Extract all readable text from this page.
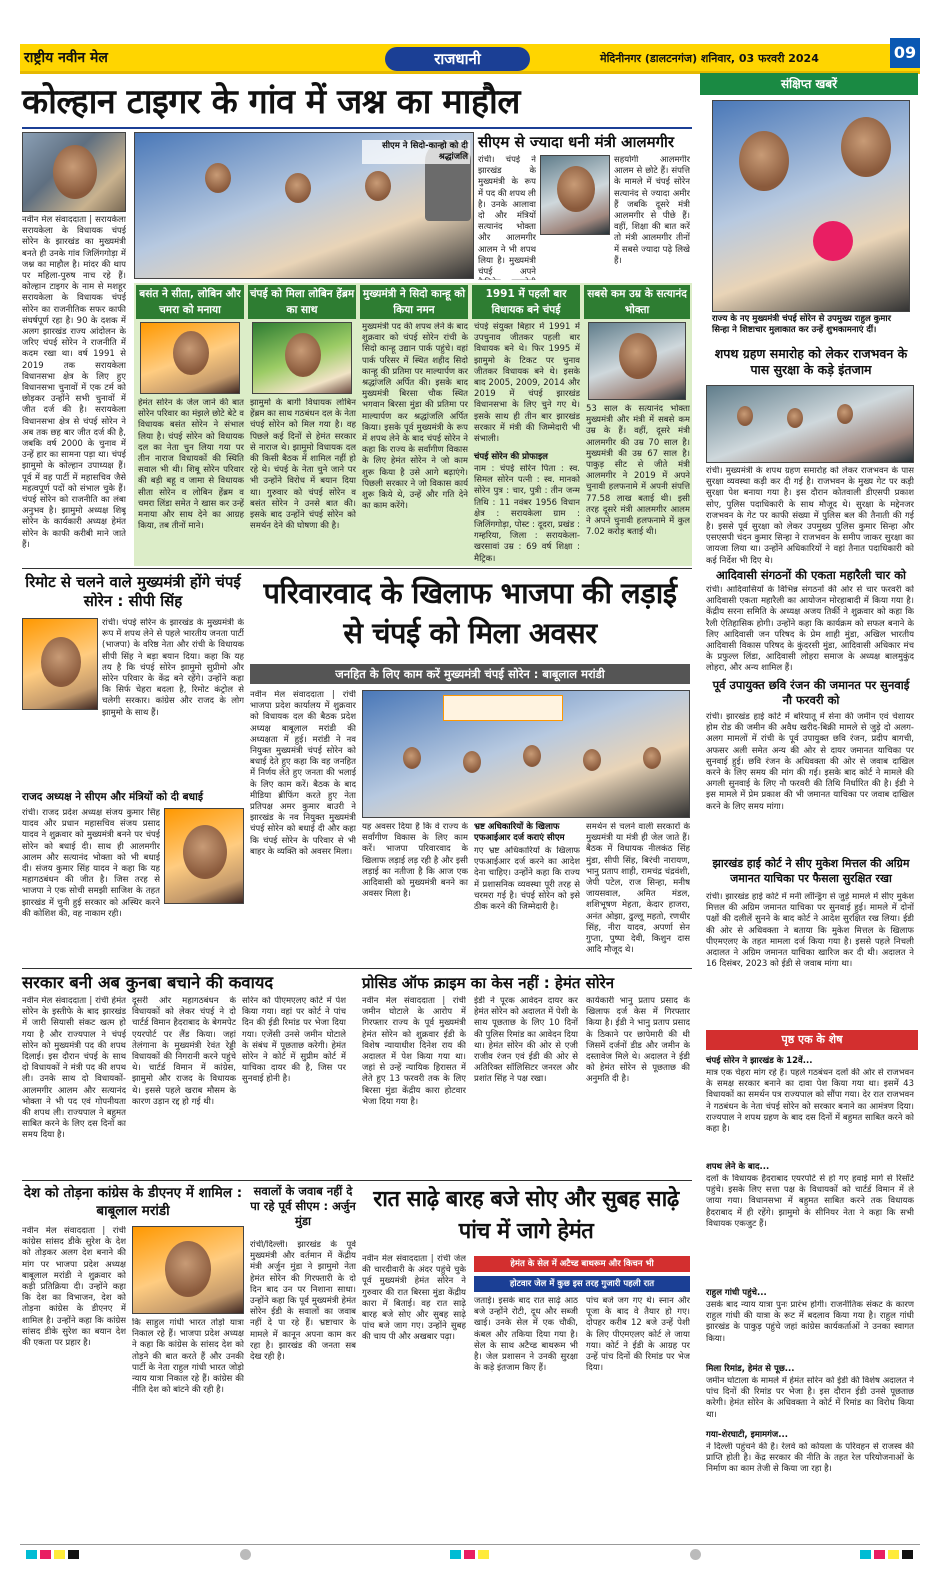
राष्ट्रीय नवीन मेल	राजधानी	मेदिनीनगर (डालटनगंज) शनिवार, 03 फरवरी 2024	09
कोल्हान टाइगर के गांव में जश्न का माहौल
नवीन मेल संवाददाता | सरायकेला सरायकेला के विधायक चंपई सोरेन के झारखंड का मुख्यमंत्री बनते ही उनके गांव जिलिंगगोड़ा में जश्न का माहौल है। मांदर की थाप पर महिला-पुरुष नाच रहे हैं। कोल्हान टाइगर के नाम से मशहूर सरायकेला के विधायक चंपई सोरेन का राजनीतिक सफर काफी संघर्षपूर्ण रहा है। 90 के दशक में अलग झारखंड राज्य आंदोलन के जरिए चंपई सोरेन ने राजनीति में कदम रखा था। वर्ष 1991 से 2019 तक सरायकेला विधानसभा क्षेत्र के लिए हुए विधानसभा चुनावों में एक टर्म को छोड़कर उन्होंने सभी चुनावों में जीत दर्ज की है। सरायकेला विधानसभा क्षेत्र से चंपई सोरेन ने अब तक छह बार जीत दर्ज की है, जबकि वर्ष 2000 के चुनाव में उन्हें हार का सामना पड़ा था। चंपई झामुमो के कोल्हान उपाध्यक्ष हैं। पूर्व में वह पार्टी में महासचिव जैसे महत्वपूर्ण पदों को संभाल चुके हैं। चंपई सोरेन को राजनीति का लंबा अनुभव है। झामुमो अध्यक्ष शिबू सोरेन के कार्यकारी अध्यक्ष हेमंत सोरेन के काफी करीबी माने जाते हैं।
सीएम ने सिदो-कान्हो को दी श्रद्धांजलि
सीएम से ज्यादा धनी मंत्री आलमगीर
रांची। चंपई ने झारखंड के मुख्यमंत्री के रूप में पद की शपथ ली है। उनके आलावा दो और मंत्रियों सत्यानंद भोक्ता और आलमगीर आलम ने भी शपथ लिया है। मुख्यमंत्री चंपई अपने
सहयोगी आलमगीर आलम से छोटे हैं। संपत्ति के मामले में चंपई सोरेन सत्यानंद से ज्यादा अमीर हैं जबकि दूसरे मंत्री आलमगीर से पीछे हैं। वहीं, शिक्षा की बात करें तो मंत्री आलमगीर तीनों में सबसे ज्यादा पढ़े लिखे हैं।
बसंत ने सीता, लोबिन और चमरा को मनाया
हेमंत सोरेन के जेल जाने की बात सोरेन परिवार का मंझले छोटे बेटे व विधायक बसंत सोरेन ने संभाल लिया है। चंपई सोरेन को विधायक दल का नेता चुन लिया गया पर तीन नाराज विधायकों की स्थिति सवाल भी थी। शिबू सोरेन परिवार की बड़ी बहू व जामा से विधायक सीता सोरेन व लोबिन हेंब्रम व चमरा लिंडा समेत ने खास कर उन्हें मनाया और साथ देने का आग्रह किया, तब तीनों माने।
चंपई को मिला लोबिन हेंब्रम का साथ
झामुमो के बागी विधायक लोबिन हेंब्रम का साथ गठबंधन दल के नेता चंपई सोरेन को मिल गया है। वह पिछले कई दिनों से हेमंत सरकार से नाराज थे। झामुमो विधायक दल की किसी बैठक में शामिल नहीं हो रहे थे। चंपई के नेता चुने जाने पर भी उन्होंने विरोध में बयान दिया था। गुरुवार को चंपई सोरेन व बसंत सोरेन ने उनसे बात की। इसके बाद उन्होंने चंपई सोरेन को समर्थन देने की घोषणा की है।
मुख्यमंत्री ने सिदो कान्हू को किया नमन
मुख्यमंत्री पद की शपथ लेने के बाद शुक्रवार को चंपई सोरेन रांची के सिदो कान्हू उद्यान पार्क पहुंचे। वहां पार्क परिसर में स्थित शहीद सिदो कान्हू की प्रतिमा पर माल्यार्पण कर श्रद्धांजलि अर्पित की। इसके बाद मुख्यमंत्री बिरसा चौक स्थित भगवान बिरसा मुंडा की प्रतिमा पर माल्यार्पण कर श्रद्धांजलि अर्पित किया। इसके पूर्व मुख्यमंत्री के रूप में शपथ लेने के बाद चंपई सोरेन ने कहा कि राज्य के सर्वांगीण विकास के लिए हेमंत सोरेन ने जो काम शुरू किया है उसे आगे बढ़ाएंगे। पिछली सरकार ने जो विकास कार्य शुरू किये थे, उन्हें और गति देने का काम करेंगे।
1991 में पहली बार विधायक बने चंपई
चंपई संयुक्त बिहार में 1991 में उपचुनाव जीतकर पहली बार विधायक बने थे। फिर 1995 में झामुमो के टिकट पर चुनाव जीतकर विधायक बने थे। इसके बाद 2005, 2009, 2014 और 2019 में चंपई झारखंड विधानसभा के लिए चुने गए थे। इसके साथ ही तीन बार झारखंड सरकार में मंत्री की जिम्मेदारी भी संभाली।
चंपई सोरेन की प्रोफाइल
नाम : चंपई सोरेन पिता : स्व. सिमल सोरेन पत्नी : स्व. मानको सोरेन पुत्र : चार, पुत्री : तीन जन्म तिथि : 11 नवंबर 1956 विधान क्षेत्र : सरायकेला ग्राम : जिलिंगगोड़ा, पोस्ट : दूदरा, प्रखंड : गम्हरिया, जिला : सरायकेला-खरसावां उम्र : 69 वर्ष शिक्षा : मैट्रिक।
सबसे कम उम्र के सत्यानंद भोक्ता
53 साल के सत्यानंद भोक्ता मुख्यमंत्री और मंत्री में सबसे कम उम्र के हैं। वहीं, दूसरे मंत्री आलमगीर की उम्र 70 साल है। मुख्यमंत्री की उम्र 67 साल है। पाकुड़ सीट से जीते मंत्री आलमगीर ने 2019 में अपने चुनावी हलफनामे में अपनी संपत्ति 77.58 लाख बताई थी। इसी तरह दूसरे मंत्री आलमगीर आलम ने अपने चुनावी हलफनामे में कुल 7.02 करोड़ बताई थी।
संक्षिप्त खबरें
राज्य के नए मुख्यमंत्री चंपई सोरेन से उपमुख्य राहुल कुमार सिन्हा ने शिष्टाचार मुलाकात कर उन्हें शुभकामनाएं दीं।
शपथ ग्रहण समारोह को लेकर राजभवन के पास सुरक्षा के कड़े इंतजाम
रांची। मुख्यमंत्री के शपथ ग्रहण समारोह को लेकर राजभवन के पास सुरक्षा व्यवस्था कड़ी कर दी गई है। राजभवन के मुख्य गेट पर कड़ी सुरक्षा पेश बनाया गया है। इस दौरान कोतवाली डीएसपी प्रकाश सोए, पुलिस पदाधिकारी के साथ मौजूद थे। सुरक्षा के मद्देनजर राजभवन के गेट पर काफी संख्या में पुलिस बल की तैनाती की गई है। इससे पूर्व सुरक्षा को लेकर उपमुख्य पुलिस कुमार सिन्हा और एसएसपी चंदन कुमार सिन्हा ने राजभवन के समीप जाकर सुरक्षा का जायजा लिया था। उन्होंने अधिकारियों ने वहां तैनात पदाधिकारी को कई निर्देश भी दिए थे।
आदिवासी संगठनों की एकता महारैली चार को
रांची। आदिवासियों के विभिन्न संगठनों की ओर से चार फरवरी को आदिवासी एकता महारैली का आयोजन मोरहाबादी में किया गया है। केंद्रीय सरना समिति के अध्यक्ष अजय तिर्की ने शुक्रवार को कहा कि रैली ऐतिहासिक होगी। उन्होंने कहा कि कार्यक्रम को सफल बनाने के लिए आदिवासी जन परिषद के प्रेम शाही मुंडा, अखिल भारतीय आदिवासी विकास परिषद के कुंदरसी मुंडा, आदिवासी अधिकार मंच के प्रफुल्ल लिंडा, आदिवासी लोहरा समाज के अध्यक्ष बालमुकुंद लोहरा, और अन्य शामिल हैं।
पूर्व उपायुक्त छवि रंजन की जमानत पर सुनवाई नौ फरवरी को
रांची। झारखंड हाई कोर्ट में बरियातू में सेना की जमीन एवं चेशायर होम रोड की जमीन की अवैध खरीद-बिक्री मामले से जुड़े दो अलग-अलग मामलों में रांची के पूर्व उपायुक्त छवि रंजन, प्रदीप बागची, अफसर अली समेत अन्य की ओर से दायर जमानत याचिका पर सुनवाई हुई। छवि रंजन के अधिवक्ता की ओर से जवाब दाखिल करने के लिए समय की मांग की गई। इसके बाद कोर्ट ने मामले की अगली सुनवाई के लिए नौ फरवरी की तिथि निर्धारित की है। ईडी ने इस मामले में प्रेम प्रकाश की भी जमानत याचिका पर जवाब दाखिल करने के लिए समय मांगा।
झारखंड हाई कोर्ट ने सीए मुकेश मित्तल की अग्रिम जमानत याचिका पर फैसला सुरक्षित रखा
रांची। झारखंड हाई कोर्ट में मनी लॉन्ड्रिंग से जुड़े मामले में सीए मुकेश मित्तल की अग्रिम जमानत याचिका पर सुनवाई हुई। मामले में दोनों पक्षों की दलीलें सुनने के बाद कोर्ट ने आदेश सुरक्षित रख लिया। ईडी की ओर से अधिवक्ता ने बताया कि मुकेश मित्तल के खिलाफ पीएमएलए के तहत मामला दर्ज किया गया है। इससे पहले निचली अदालत ने अग्रिम जमानत याचिका खारिज कर दी थी। अदालत ने 16 दिसंबर, 2023 को ईडी से जवाब मांगा था।
पृष्ठ एक के शेष
चंपई सोरेन ने झारखंड के 12वें...
मात्र एक चेहरा मांग रहे हैं। पहले गठबंधन दलों की ओर से राजभवन के समक्ष सरकार बनाने का दावा पेश किया गया था। इसमें 43 विधायकों का समर्थन पत्र राज्यपाल को सौंपा गया। देर रात राजभवन ने गठबंधन के नेता चंपई सोरेन को सरकार बनाने का आमंत्रण दिया। राज्यपाल ने शपथ ग्रहण के बाद दस दिनों में बहुमत साबित करने को कहा है।
शपथ लेने के बाद...
दलों के विधायक हैदराबाद एयरपोर्ट से हो गए हवाई मार्ग से रिसॉर्ट पहुंचे। इसके लिए सत्ता पक्ष के विधायकों को चार्टर्ड विमान में ले जाया गया। विधानसभा में बहुमत साबित करने तक विधायक हैदराबाद में ही रहेंगे। झामुमो के सीनियर नेता ने कहा कि सभी विधायक एकजुट हैं।
राहुल गांधी पहुंचे...
उसके बाद न्याय यात्रा पुनः प्रारंभ होगी। राजनीतिक संकट के कारण राहुल गांधी की यात्रा के रूट में बदलाव किया गया है। राहुल गांधी झारखंड के पाकुड़ पहुंचे जहां कांग्रेस कार्यकर्ताओं ने उनका स्वागत किया।
मिला रिमांड, हेमंत से पूछ...
जमीन घोटाला के मामले में हेमंत सोरेन को ईडी की विशेष अदालत ने पांच दिनों की रिमांड पर भेजा है। इस दौरान ईडी उनसे पूछताछ करेगी। हेमंत सोरेन के अधिवक्ता ने कोर्ट में रिमांड का विरोध किया था।
गया-शेरघाटी, इमामगंज...
ने दिल्ली पहुंचने की है। रेलवे को कोयला के परिवहन से राजस्व की प्राप्ति होती है। केंद्र सरकार की नीति के तहत रेल परियोजनाओं के निर्माण का काम तेजी से किया जा रहा है।
रिमोट से चलने वाले मुख्यमंत्री होंगे चंपई सोरेन : सीपी सिंह
रांची। चंपई सोरेन के झारखंड के मुख्यमंत्री के रूप में शपथ लेने से पहले भारतीय जनता पार्टी (भाजपा) के वरिष्ठ नेता और रांची के विधायक सीपी सिंह ने बड़ा बयान दिया। कहा कि यह तय है कि चंपई सोरेन झामुमो सुप्रीमो और सोरेन परिवार के केंद्र बने रहेंगे। उन्होंने कहा कि सिर्फ चेहरा बदला है, रिमोट कंट्रोल से चलेगी सरकार। कांग्रेस और राजद के लोग झामुमो के साथ हैं।
राजद अध्यक्ष ने सीएम और मंत्रियों को दी बधाई
रांची। राजद प्रदेश अध्यक्ष संजय कुमार सिंह यादव और प्रधान महासचिव संजय प्रसाद यादव ने शुक्रवार को मुख्यमंत्री बनने पर चंपई सोरेन को बधाई दी। साथ ही आलमगीर आलम और सत्यानंद भोक्ता को भी बधाई दी। संजय कुमार सिंह यादव ने कहा कि यह महागठबंधन की जीत है। जिस तरह से भाजपा ने एक सोची समझी साजिश के तहत झारखंड में चुनी हुई सरकार को अस्थिर करने की कोशिश की, वह नाकाम रही।
परिवारवाद के खिलाफ भाजपा की लड़ाई से चंपई को मिला अवसर
जनहित के लिए काम करें मुख्यमंत्री चंपई सोरेन : बाबूलाल मरांडी
नवीन मेल संवाददाता | रांची भाजपा प्रदेश कार्यालय में शुक्रवार को विधायक दल की बैठक प्रदेश अध्यक्ष बाबूलाल मरांडी की अध्यक्षता में हुई। मरांडी ने नव नियुक्त मुख्यमंत्री चंपई सोरेन को बधाई देते हुए कहा कि वह जनहित में निर्णय लेते हुए जनता की भलाई के लिए काम करें। बैठक के बाद मीडिया ब्रीफिंग करते हुए नेता प्रतिपक्ष अमर कुमार बाउरी ने झारखंड के नव नियुक्त मुख्यमंत्री चंपई सोरेन को बधाई दी और कहा कि चंपई सोरेन के परिवार से भी बाहर के व्यक्ति को अवसर मिला।
यह अवसर दिया है कि वे राज्य के सर्वांगीण विकास के लिए काम करें। भाजपा परिवारवाद के खिलाफ लड़ाई लड़ रही है और इसी लड़ाई का नतीजा है कि आज एक आदिवासी को मुख्यमंत्री बनने का अवसर मिला है।
भ्रष्ट अधिकारियों के खिलाफ एफआईआर दर्ज कराएं सीएम
गए भ्रष्ट अधिकारियों के खिलाफ एफआईआर दर्ज करने का आदेश देना चाहिए। उन्होंने कहा कि राज्य में प्रशासनिक व्यवस्था पूरी तरह से चरमरा गई है। चंपई सोरेन को इसे ठीक करने की जिम्मेदारी है।
समर्थन से चलने वाली सरकारों के मुख्यमंत्री या मंत्री ही जेल जाते हैं। बैठक में विधायक नीलकंठ सिंह मुंडा, सीपी सिंह, बिरंची नारायण, भानु प्रताप शाही, रामचंद्र चंद्रवंशी, जेपी पटेल, राज सिन्हा, मनीष जायसवाल, अमित मंडल, शशिभूषण मेहता, केदार हाजरा, अनंत ओझा, ढुल्लू महतो, रणधीर सिंह, नीरा यादव, अपर्णा सेन गुप्ता, पुष्पा देवी, किशुन दास आदि मौजूद थे।
सरकार बनी अब कुनबा बचाने की कवायद
नवीन मेल संवाददाता | रांची हेमंत सोरेन के इस्तीफे के बाद झारखंड में जारी सियासी संकट खत्म हो गया है और राज्यपाल ने चंपई सोरेन को मुख्यमंत्री पद की शपथ दिलाई। इस दौरान चंपई के साथ दो विधायकों ने मंत्री पद की शपथ ली। उनके साथ दो विधायकों-आलमगीर आलम और सत्यानंद भोक्ता ने भी पद एवं गोपनीयता की शपथ ली। राज्यपाल ने बहुमत साबित करने के लिए दस दिनों का समय दिया है।
दूसरी ओर महागठबंधन के विधायकों को लेकर चंपई ने दो चार्टर्ड विमान हैदराबाद के बेगमपेट एयरपोर्ट पर लैंड किया। जहां तेलंगाना के मुख्यमंत्री रेवंत रेड्डी विधायकों की निगरानी करने पहुंचे थे। चार्टर्ड विमान में कांग्रेस, झामुमो और राजद के विधायक थे। इससे पहले खराब मौसम के कारण उड़ान रद्द हो गई थी।
सोरेन को पीएमएलए कोर्ट में पेश किया गया। वहां पर कोर्ट ने पांच दिन की ईडी रिमांड पर भेजा दिया गया। एजेंसी उनसे जमीन घोटाले के संबंध में पूछताछ करेगी। हेमंत सोरेन ने कोर्ट में सुप्रीम कोर्ट में याचिका दायर की है, जिस पर सुनवाई होनी है।
प्रोसिड ऑफ क्राइम का केस नहीं : हेमंत सोरेन
नवीन मेल संवाददाता | रांची जमीन घोटाले के आरोप में गिरफ्तार राज्य के पूर्व मुख्यमंत्री हेमंत सोरेन को शुक्रवार ईडी के विशेष न्यायाधीश दिनेश राय की अदालत में पेश किया गया था। जहां से उन्हें न्यायिक हिरासत में लेते हुए 13 फरवरी तक के लिए बिरसा मुंडा केंद्रीय कारा होटवार भेजा दिया गया है।
ईडी ने पूरक आवेदन दायर कर हेमंत सोरेन को अदालत में पेशी के साथ पूछताछ के लिए 10 दिनों की पुलिस रिमांड का आवेदन दिया था। हेमंत सोरेन की ओर से एजी राजीव रंजन एवं ईडी की ओर से अतिरिक्त सॉलिसिटर जनरल और प्रशांत सिंह ने पक्ष रखा।
कार्यकारी भानु प्रताप प्रसाद के खिलाफ दर्ज केस में गिरफ्तार किया है। ईडी ने भानु प्रताप प्रसाद के ठिकाने पर छापेमारी की थी जिसमें दर्जनों डीड और जमीन के दस्तावेज मिले थे। अदालत ने ईडी को हेमंत सोरेन से पूछताछ की अनुमति दी है।
देश को तोड़ना कांग्रेस के डीएनए में शामिल : बाबूलाल मरांडी
नवीन मेल संवाददाता | रांची कांग्रेस सांसद डीके सुरेश के देश को तोड़कर अलग देश बनाने की मांग पर भाजपा प्रदेश अध्यक्ष बाबूलाल मरांडी ने शुक्रवार को कड़ी प्रतिक्रिया दी। उन्होंने कहा कि देश का विभाजन, देश को तोड़ना कांग्रेस के डीएनए में शामिल है। उन्होंने कहा कि कांग्रेस सांसद डीके सुरेश का बयान देश की एकता पर प्रहार है।
कि साहुल गांधी भारत तोड़ो यात्रा निकाल रहे हैं। भाजपा प्रदेश अध्यक्ष ने कहा कि कांग्रेस के सांसद देश को तोड़ने की बात करते हैं और उनकी पार्टी के नेता राहुल गांधी भारत जोड़ो न्याय यात्रा निकाल रहे हैं। कांग्रेस की नीति देश को बांटने की रही है।
सवालों के जवाब नहीं दे पा रहे पूर्व सीएम : अर्जुन मुंडा
रांची/दिल्ली। झारखंड के पूर्व मुख्यमंत्री और वर्तमान में केंद्रीय मंत्री अर्जुन मुंडा ने झामुमो नेता हेमंत सोरेन की गिरफ्तारी के दो दिन बाद उन पर निशाना साधा। उन्होंने कहा कि पूर्व मुख्यमंत्री हेमंत सोरेन ईडी के सवालों का जवाब नहीं दे पा रहे हैं। भ्रष्टाचार के मामले में कानून अपना काम कर रहा है। झारखंड की जनता सब देख रही है।
रात साढ़े बारह बजे सोए और सुबह साढ़े पांच में जागे हेमंत
नवीन मेल संवाददाता | रांची जेल की चारदीवारी के अंदर पहुंचे चुके पूर्व मुख्यमंत्री हेमंत सोरेन ने गुरुवार की रात बिरसा मुंडा केंद्रीय कारा में बिताई। वह रात साढ़े बारह बजे सोए और सुबह साढ़े पांच बजे जाग गए। उन्होंने सुबह की चाय पी और अखबार पढ़ा।
हेमंत के सेल में अटैच्ड बाथरूम और किचन भी
होटवार जेल में कुछ इस तरह गुजारी पहली रात
जताई। इसके बाद रात साढ़े आठ बजे उन्होंने रोटी, दूध और सब्जी खाई। उनके सेल में एक चौकी, कंबल और तकिया दिया गया है। सेल के साथ अटैच्ड बाथरूम भी है। जेल प्रशासन ने उनकी सुरक्षा के कड़े इंतजाम किए हैं।
पांच बजे जग गए थे। स्नान और पूजा के बाद वे तैयार हो गए। दोपहर करीब 12 बजे उन्हें पेशी के लिए पीएमएलए कोर्ट ले जाया गया। कोर्ट ने ईडी के आग्रह पर उन्हें पांच दिनों की रिमांड पर भेज दिया।
